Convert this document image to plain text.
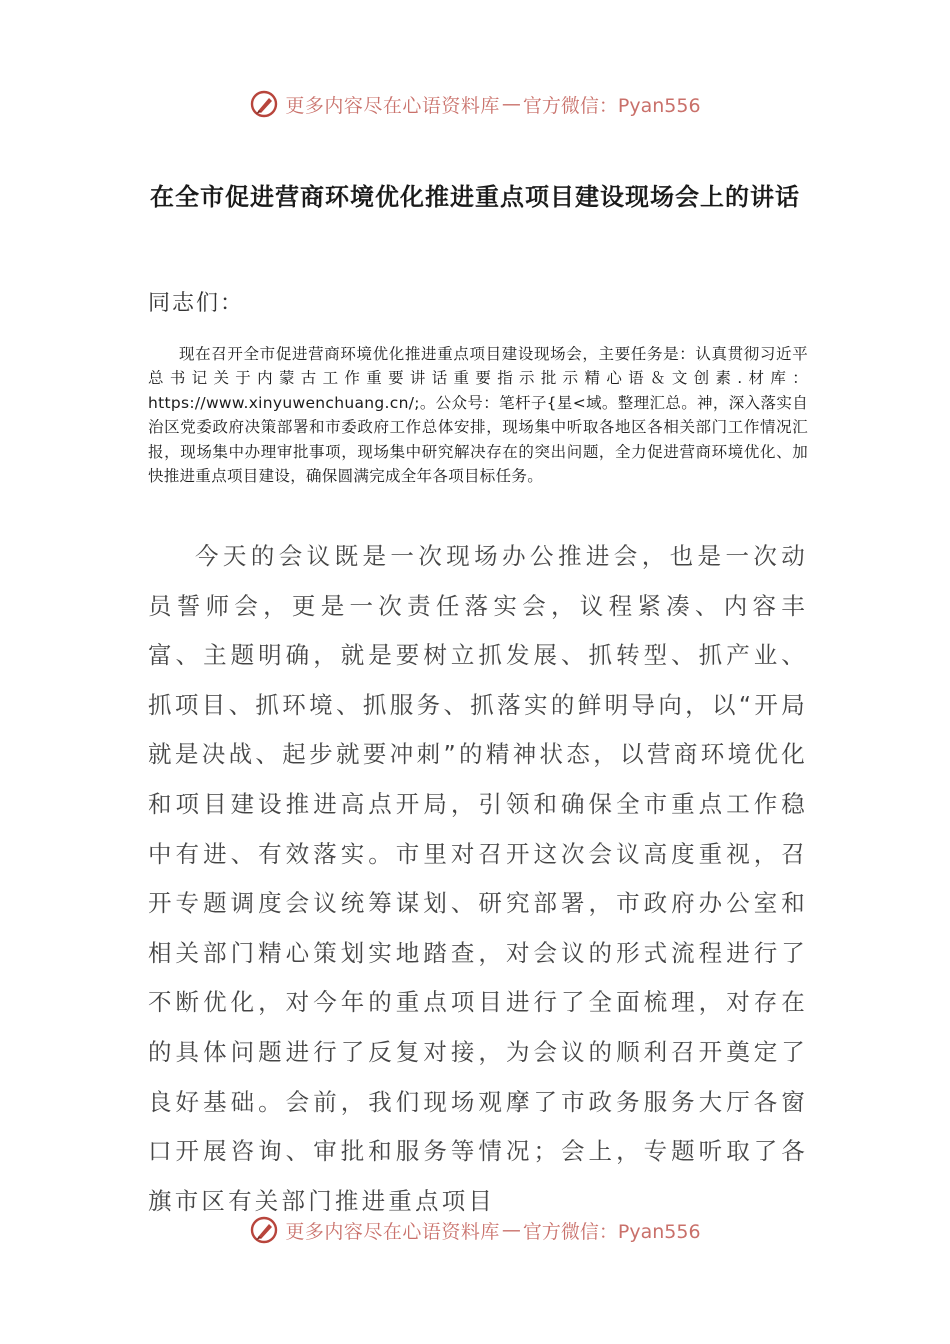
更多内容尽在心语资料库 — 官方微信：Pyan556
在全市促进营商环境优化推进重点项目建设现场会上的讲话
同志们：
现在召开全市促进营商环境优化推进重点项目建设现场会，主要任务是：认真贯彻习近平总书记关于内蒙古工作重要讲话重要指示批示精心语＆文创素.材库：https://www.xinyuwenchuang.cn/;。公众号：笔杆子{星<域。整理汇总。神，深入落实自治区党委政府决策部署和市委政府工作总体安排，现场集中听取各地区各相关部门工作情况汇报，现场集中办理审批事项，现场集中研究解决存在的突出问题，全力促进营商环境优化、加快推进重点项目建设，确保圆满完成全年各项目标任务。
今天的会议既是一次现场办公推进会，也是一次动员誓师会，更是一次责任落实会，议程紧凑、内容丰富、主题明确，就是要树立抓发展、抓转型、抓产业、抓项目、抓环境、抓服务、抓落实的鲜明导向，以“开局就是决战、起步就要冲刺”的精神状态，以营商环境优化和项目建设推进高点开局，引领和确保全市重点工作稳中有进、有效落实。市里对召开这次会议高度重视，召开专题调度会议统筹谋划、研究部署，市政府办公室和相关部门精心策划实地踏查，对会议的形式流程进行了不断优化，对今年的重点项目进行了全面梳理，对存在的具体问题进行了反复对接，为会议的顺利召开奠定了良好基础。会前，我们现场观摩了市政务服务大厅各窗口开展咨询、审批和服务等情况；会上，专题听取了各旗市区有关部门推进重点项目
更多内容尽在心语资料库 — 官方微信：Pyan556
